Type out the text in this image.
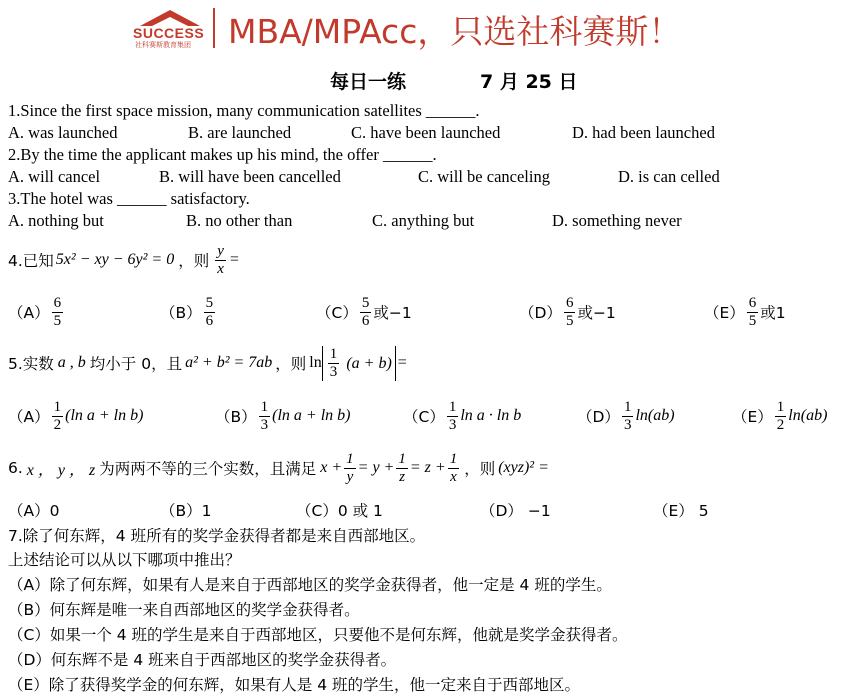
SUCCESS
社科赛斯教育集团 MBA/MPAcc，只选社科赛斯！
每日一练	7 月 25 日
1.Since the first space mission, many communication satellites ______.
A. was launched	B. are launched	C. have been launched	D. had been launched
2.By the time the applicant makes up his mind, the offer ______.
A. will cancel	B. will have been cancelled	C. will be canceling	D. is can celled
3.The hotel was ______ satisfactory.
A. nothing but	B. no other than	C. anything but	D. something never
4.已知 5x² − xy − 6y² = 0 ，则 $\frac{y}{x}$ =
$(A) \frac{6}{5}$	$(B) \frac{5}{6}$	$(C) \frac{5}{6}$ 或−1	$(D) \frac{6}{5}$ 或−1	$(E) \frac{6}{5}$ 或1
5.实数 a , b 均小于 0，且 a² + b² = 7ab ，则 $\ln \frac{1}{3} (a + b)$ =
$(A) \frac{1}{2} (\ln$ a + ln b)	$(B) \frac{1}{3} (\ln$ a + ln b)	$(C) \frac{1}{3}$ ln a · ln b	$(D) \frac{1}{3} \ln(ab)$	$(E) \frac{1}{2} \ln(ab)$
6. x ， y ， z 为两两不等的三个实数，且满足 $x + \frac{1}{y} = y + \frac{1}{z} = z + \frac{1}{x}$ ，则 (xyz)² =
（A）0	（B）1	（C）0 或 1	（D） −1	（E） 5
7.除了何东辉，4 班所有的奖学金获得者都是来自西部地区。
上述结论可以从以下哪项中推出？
（A）除了何东辉，如果有人是来自于西部地区的奖学金获得者，他一定是 4 班的学生。
（B）何东辉是唯一来自西部地区的奖学金获得者。
（C）如果一个 4 班的学生是来自于西部地区，只要他不是何东辉，他就是奖学金获得者。
（D）何东辉不是 4 班来自于西部地区的奖学金获得者。
（E）除了获得奖学金的何东辉，如果有人是 4 班的学生，他一定来自于西部地区。
